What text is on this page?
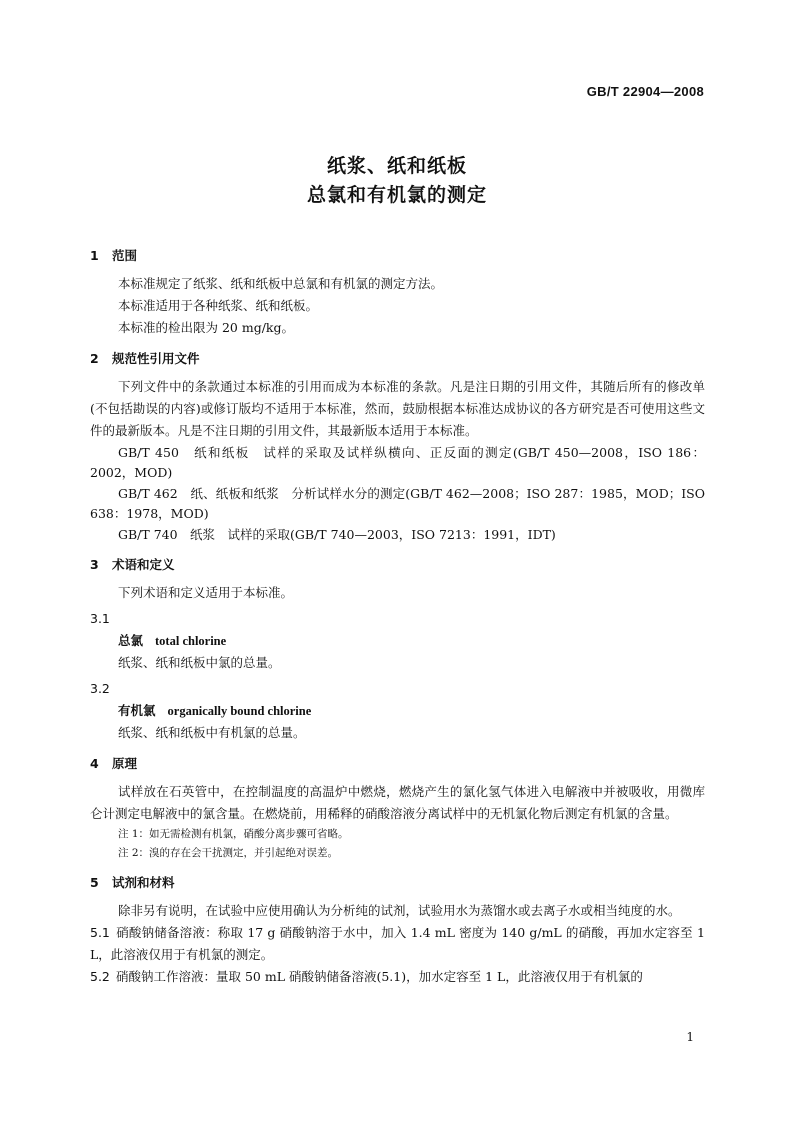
GB/T 22904—2008
纸浆、纸和纸板
总氯和有机氯的测定
1 范围
本标准规定了纸浆、纸和纸板中总氯和有机氯的测定方法。
本标准适用于各种纸浆、纸和纸板。
本标准的检出限为 20 mg/kg。
2 规范性引用文件
下列文件中的条款通过本标准的引用而成为本标准的条款。凡是注日期的引用文件，其随后所有的修改单(不包括勘误的内容)或修订版均不适用于本标准，然而，鼓励根据本标准达成协议的各方研究是否可使用这些文件的最新版本。凡是不注日期的引用文件，其最新版本适用于本标准。
GB/T 450　纸和纸板　试样的采取及试样纵横向、正反面的测定(GB/T 450—2008，ISO 186：2002，MOD)
GB/T 462　纸、纸板和纸浆　分析试样水分的测定(GB/T 462—2008；ISO 287：1985，MOD；ISO 638：1978，MOD)
GB/T 740　纸浆　试样的采取(GB/T 740—2003，ISO 7213：1991，IDT)
3 术语和定义
下列术语和定义适用于本标准。
3.1
总氯 total chlorine
纸浆、纸和纸板中氯的总量。
3.2
有机氯 organically bound chlorine
纸浆、纸和纸板中有机氯的总量。
4 原理
试样放在石英管中，在控制温度的高温炉中燃烧，燃烧产生的氯化氢气体进入电解液中并被吸收，用微库仑计测定电解液中的氯含量。在燃烧前，用稀释的硝酸溶液分离试样中的无机氯化物后测定有机氯的含量。
注 1：如无需检测有机氯，硝酸分离步骤可省略。
注 2：溴的存在会干扰测定，并引起绝对误差。
5 试剂和材料
除非另有说明，在试验中应使用确认为分析纯的试剂，试验用水为蒸馏水或去离子水或相当纯度的水。
5.1 硝酸钠储备溶液：称取 17 g 硝酸钠溶于水中，加入 1.4 mL 密度为 140 g/mL 的硝酸，再加水定容至 1 L，此溶液仅用于有机氯的测定。
5.2 硝酸钠工作溶液：量取 50 mL 硝酸钠储备溶液(5.1)，加水定容至 1 L，此溶液仅用于有机氯的
1
